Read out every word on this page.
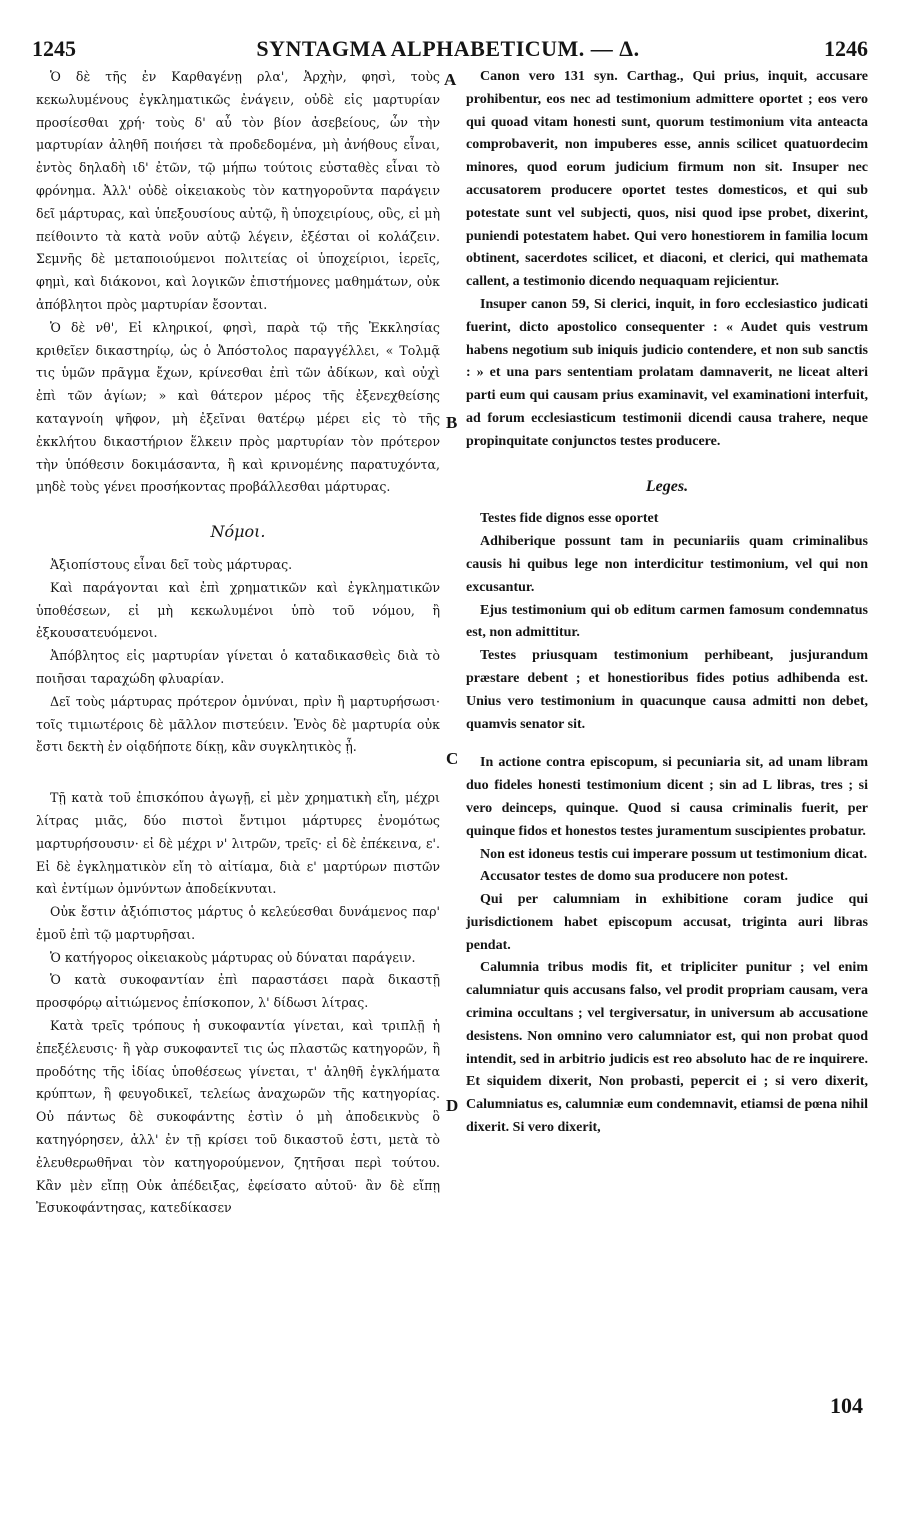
1245	SYNTAGMA ALPHABETICUM. — Δ.	1246

Ὁ δὲ τῆς ἐν Καρθαγένῃ ρλα', Ἀρχὴν, φησὶ, τοὺς κεκωλυμένους ἐγκληματικῶς ἐνάγειν, οὐδὲ εἰς μαρτυρίαν προσίεσθαι χρή· τοὺς δ' αὖ τὸν βίον ἀσεβείους, ὧν τὴν μαρτυρίαν ἀληθῆ ποιήσει τὰ προδεδομένα, μὴ ἀνήθους εἶναι, ἐντὸς δηλαδὴ ιδ' ἐτῶν, τῷ μήπω τούτοις εὐσταθὲς εἶναι τὸ φρόνημα. Ἀλλ' οὐδὲ οἰκειακοὺς τὸν κατηγοροῦντα παράγειν δεῖ μάρτυρας, καὶ ὑπεξουσίους αὐτῷ, ἢ ὑποχειρίους, οὓς, εἰ μὴ πείθοιντο τὰ κατὰ νοῦν αὐτῷ λέγειν, ἐξέσται οἱ κολάζειν. Σεμνῆς δὲ μεταποιούμενοι πολιτείας οἱ ὑποχείριοι, ἱερεῖς, φημὶ, καὶ διάκονοι, καὶ λογικῶν ἐπιστήμονες μαθημάτων, οὐκ ἀπόβλητοι πρὸς μαρτυρίαν ἔσονται.

Ὁ δὲ νθ', Εἰ κληρικοί, φησὶ, παρὰ τῷ τῆς Ἐκκλησίας κριθεῖεν δικαστηρίῳ, ὡς ὁ Ἀπόστολος παραγγέλλει, « Τολμᾷ τις ὑμῶν πρᾶγμα ἔχων, κρίνεσθαι ἐπὶ τῶν ἀδίκων, καὶ οὐχὶ ἐπὶ τῶν ἁγίων; » καὶ θάτερον μέρος τῆς ἐξενεχθείσης καταγνοίη ψῆφον, μὴ ἐξεῖναι θατέρῳ μέρει εἰς τὸ τῆς ἐκκλήτου δικαστήριον ἕλκειν πρὸς μαρτυρίαν τὸν πρότερον τὴν ὑπόθεσιν δοκιμάσαντα, ἢ καὶ κρινομένης παρατυχόντα, μηδὲ τοὺς γένει προσήκοντας προβάλλεσθαι μάρτυρας.

Νόμοι.

Ἀξιοπίστους εἶναι δεῖ τοὺς μάρτυρας.

Καὶ παράγονται καὶ ἐπὶ χρηματικῶν καὶ ἐγκληματικῶν ὑποθέσεων, εἰ μὴ κεκωλυμένοι ὑπὸ τοῦ νόμου, ἢ ἐξκουσατευόμενοι.

Ἀπόβλητος εἰς μαρτυρίαν γίνεται ὁ καταδικασθεὶς διὰ τὸ ποιῆσαι ταραχώδη φλυαρίαν.

Δεῖ τοὺς μάρτυρας πρότερον ὀμνύναι, πρὶν ἢ μαρτυρήσωσι· τοῖς τιμιωτέροις δὲ μᾶλλον πιστεύειν. Ἑνὸς δὲ μαρτυρία οὐκ ἔστι δεκτὴ ἐν οἱᾳδήποτε δίκῃ, κἂν συγκλητικὸς ᾖ.

Τῇ κατὰ τοῦ ἐπισκόπου ἀγωγῇ, εἰ μὲν χρηματικὴ εἴη, μέχρι λίτρας μιᾶς, δύο πιστοὶ ἔντιμοι μάρτυρες ἐνομότως μαρτυρήσουσιν· εἰ δὲ μέχρι ν' λιτρῶν, τρεῖς· εἰ δὲ ἐπέκεινα, ε'. Εἰ δὲ ἐγκληματικὸν εἴη τὸ αἰτίαμα, διὰ ε' μαρτύρων πιστῶν καὶ ἐντίμων ὀμνύντων ἀποδείκνυται.

Οὐκ ἔστιν ἀξιόπιστος μάρτυς ὁ κελεύεσθαι δυνάμενος παρ' ἐμοῦ ἐπὶ τῷ μαρτυρῆσαι.

Ὁ κατήγορος οἰκειακοὺς μάρτυρας οὐ δύναται παράγειν.

Ὁ κατὰ συκοφαντίαν ἐπὶ παραστάσει παρὰ δικαστῇ προσφόρῳ αἰτιώμενος ἐπίσκοπον, λ' δίδωσι λίτρας.

Κατὰ τρεῖς τρόπους ἡ συκοφαντία γίνεται, καὶ τριπλῇ ἡ ἐπεξέλευσις· ἢ γὰρ συκοφαντεῖ τις ὡς πλαστῶς κατηγορῶν, ἢ προδότης τῆς ἰδίας ὑποθέσεως γίνεται, τ' ἀληθῆ ἐγκλήματα κρύπτων, ἢ φευγοδικεῖ, τελείως ἀναχωρῶν τῆς κατηγορίας. Οὐ πάντως δὲ συκοφάντης ἐστὶν ὁ μὴ ἀποδεικνὺς ὃ κατηγόρησεν, ἀλλ' ἐν τῇ κρίσει τοῦ δικαστοῦ ἐστι, μετὰ τὸ ἐλευθερωθῆναι τὸν κατηγορούμενον, ζητῆσαι περὶ τούτου. Κἂν μὲν εἴπῃ Οὐκ ἀπέδειξας, ἐφείσατο αὐτοῦ· ἂν δὲ εἴπῃ Ἐσυκοφάντησας, κατεδίκασεν

Canon vero 131 syn. Carthag., Qui prius, inquit, accusare prohibentur, eos nec ad testimonium admittere oportet ; eos vero qui quoad vitam honesti sunt, quorum testimonium vita anteacta comprobaverit, non impuberes esse, annis scilicet quatuordecim minores, quod eorum judicium firmum non sit. Insuper nec accusatorem producere oportet testes domesticos, et qui sub potestate sunt vel subjecti, quos, nisi quod ipse probet, dixerint, puniendi potestatem habet. Qui vero honestiorem in familia locum obtinent, sacerdotes scilicet, et diaconi, et clerici, qui mathemata callent, a testimonio dicendo nequaquam rejicientur.

Insuper canon 59, Si clerici, inquit, in foro ecclesiastico judicati fuerint, dicto apostolico consequenter : « Audet quis vestrum habens negotium sub iniquis judicio contendere, et non sub sanctis : » et una pars sententiam prolatam damnaverit, ne liceat alteri parti eum qui causam prius examinavit, vel examinationi interfuit, ad forum ecclesiasticum testimonii dicendi causa trahere, neque propinquitate conjunctos testes producere.

Leges.

Testes fide dignos esse oportet

Adhiberique possunt tam in pecuniariis quam criminalibus causis hi quibus lege non interdicitur testimonium, vel qui non excusantur.

Ejus testimonium qui ob editum carmen famosum condemnatus est, non admittitur.

Testes priusquam testimonium perhibeant, jusjurandum præstare debent ; et honestioribus fides potius adhibenda est. Unius vero testimonium in quacunque causa admitti non debet, quamvis senator sit.

In actione contra episcopum, si pecuniaria sit, ad unam libram duo fideles honesti testimonium dicent ; sin ad L libras, tres ; si vero deinceps, quinque. Quod si causa criminalis fuerit, per quinque fidos et honestos testes juramentum suscipientes probatur.

Non est idoneus testis cui imperare possum ut testimonium dicat.

Accusator testes de domo sua producere non potest.

Qui per calumniam in exhibitione coram judice qui jurisdictionem habet episcopum accusat, triginta auri libras pendat.

Calumnia tribus modis fit, et tripliciter punitur ; vel enim calumniatur quis accusans falso, vel prodit propriam causam, vera crimina occultans ; vel tergiversatur, in universum ab accusatione desistens. Non omnino vero calumniator est, qui non probat quod intendit, sed in arbitrio judicis est reo absoluto hac de re inquirere. Et siquidem dixerit, Non probasti, pepercit ei ; si vero dixerit, Calumniatus es, calumniæ eum condemnavit, etiamsi de pœna nihil dixerit. Si vero dixerit,

A
B
C
D
104
